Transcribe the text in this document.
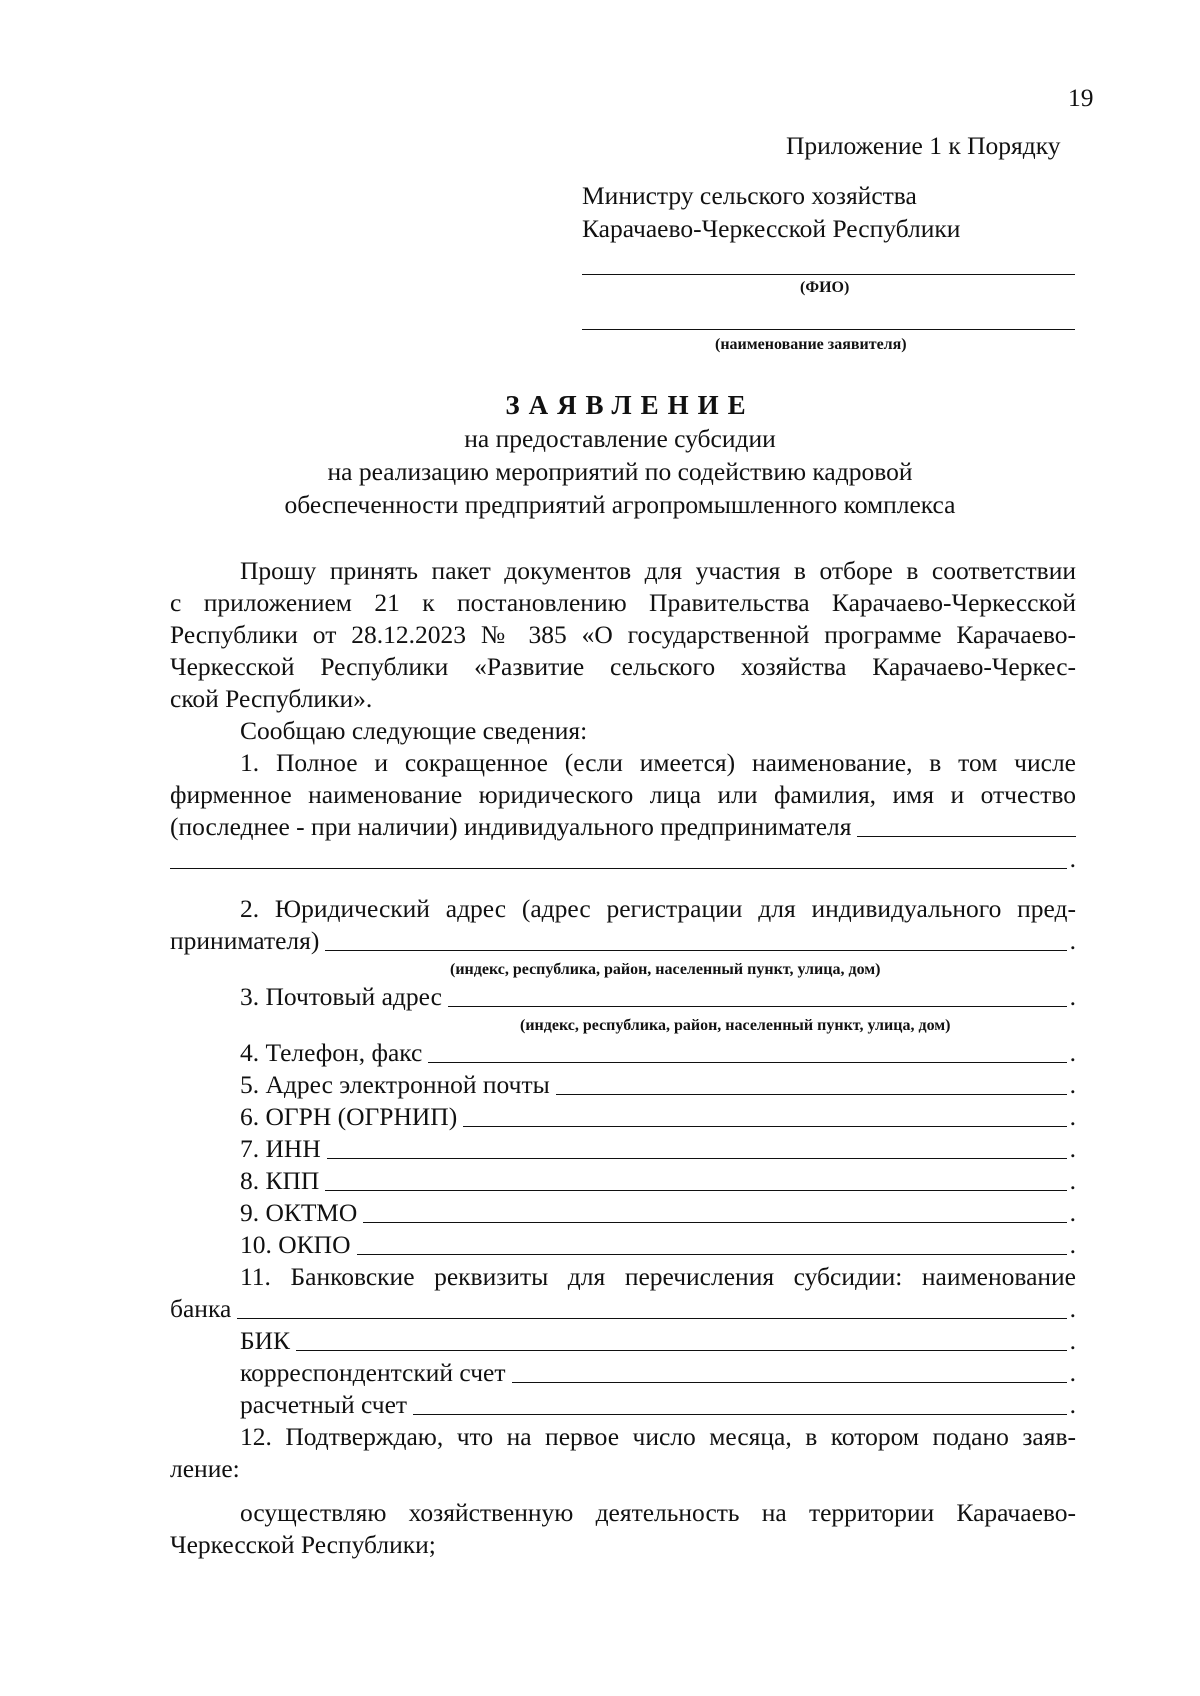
19
Приложение 1 к Порядку
Министру сельского хозяйства
Карачаево-Черкесской Республики
(ФИО)
(наименование заявителя)
ЗАЯВЛЕНИЕ
на предоставление субсидии
на реализацию мероприятий по содействию кадровой
обеспеченности предприятий агропромышленного комплекса
Прошу принять пакет документов для участия в отборе в соответствии
с приложением 21 к постановлению Правительства Карачаево-Черкесской
Республики от 28.12.2023 № 385 «О государственной программе Карачаево-
Черкесской Республики «Развитие сельского хозяйства Карачаево-Черкес-
ской Республики».
Сообщаю следующие сведения:
1. Полное и сокращенное (если имеется) наименование, в том числе
фирменное наименование юридического лица или фамилия, имя и отчество
(последнее - при наличии) индивидуального предпринимателя
.
2. Юридический адрес (адрес регистрации для индивидуального пред-
принимателя)	.
(индекс, республика, район, населенный пункт, улица, дом)
3. Почтовый адрес	.
(индекс, республика, район, населенный пункт, улица, дом)
4. Телефон, факс	.
5. Адрес электронной почты	.
6. ОГРН (ОГРНИП)	.
7. ИНН	.
8. КПП	.
9. ОКТМО	.
10. ОКПО	.
11. Банковские реквизиты для перечисления субсидии: наименование
банка	.
БИК	.
корреспондентский счет	.
расчетный счет	.
12. Подтверждаю, что на первое число месяца, в котором подано заяв-
ление:
осуществляю хозяйственную деятельность на территории Карачаево-
Черкесской Республики;
